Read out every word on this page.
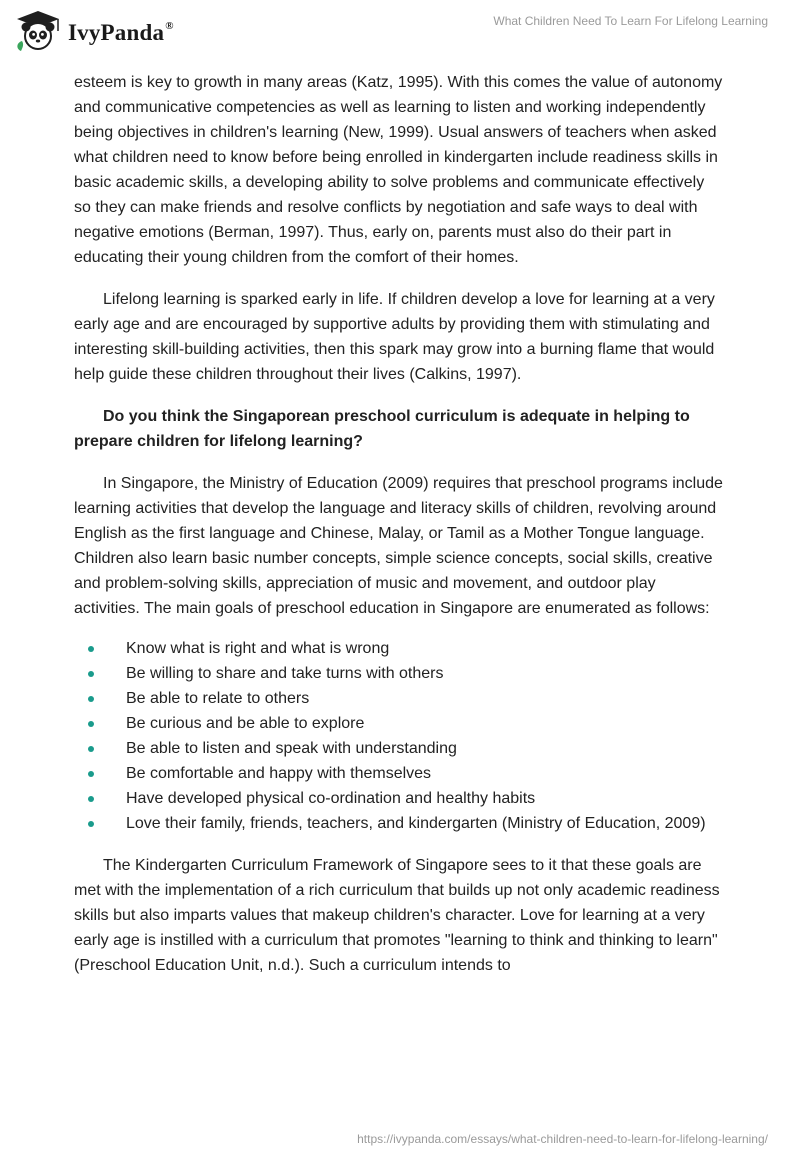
IvyPanda®	What Children Need To Learn For Lifelong Learning

esteem is key to growth in many areas (Katz, 1995). With this comes the value of autonomy and communicative competencies as well as learning to listen and working independently being objectives in children's learning (New, 1999). Usual answers of teachers when asked what children need to know before being enrolled in kindergarten include readiness skills in basic academic skills, a developing ability to solve problems and communicate effectively so they can make friends and resolve conflicts by negotiation and safe ways to deal with negative emotions (Berman, 1997). Thus, early on, parents must also do their part in educating their young children from the comfort of their homes.

Lifelong learning is sparked early in life. If children develop a love for learning at a very early age and are encouraged by supportive adults by providing them with stimulating and interesting skill-building activities, then this spark may grow into a burning flame that would help guide these children throughout their lives (Calkins, 1997).

Do you think the Singaporean preschool curriculum is adequate in helping to prepare children for lifelong learning?

In Singapore, the Ministry of Education (2009) requires that preschool programs include learning activities that develop the language and literacy skills of children, revolving around English as the first language and Chinese, Malay, or Tamil as a Mother Tongue language. Children also learn basic number concepts, simple science concepts, social skills, creative and problem-solving skills, appreciation of music and movement, and outdoor play activities. The main goals of preschool education in Singapore are enumerated as follows:

Know what is right and what is wrong
Be willing to share and take turns with others
Be able to relate to others
Be curious and be able to explore
Be able to listen and speak with understanding
Be comfortable and happy with themselves
Have developed physical co-ordination and healthy habits
Love their family, friends, teachers, and kindergarten (Ministry of Education, 2009)

The Kindergarten Curriculum Framework of Singapore sees to it that these goals are met with the implementation of a rich curriculum that builds up not only academic readiness skills but also imparts values that makeup children's character. Love for learning at a very early age is instilled with a curriculum that promotes "learning to think and thinking to learn" (Preschool Education Unit, n.d.). Such a curriculum intends to

https://ivypanda.com/essays/what-children-need-to-learn-for-lifelong-learning/
